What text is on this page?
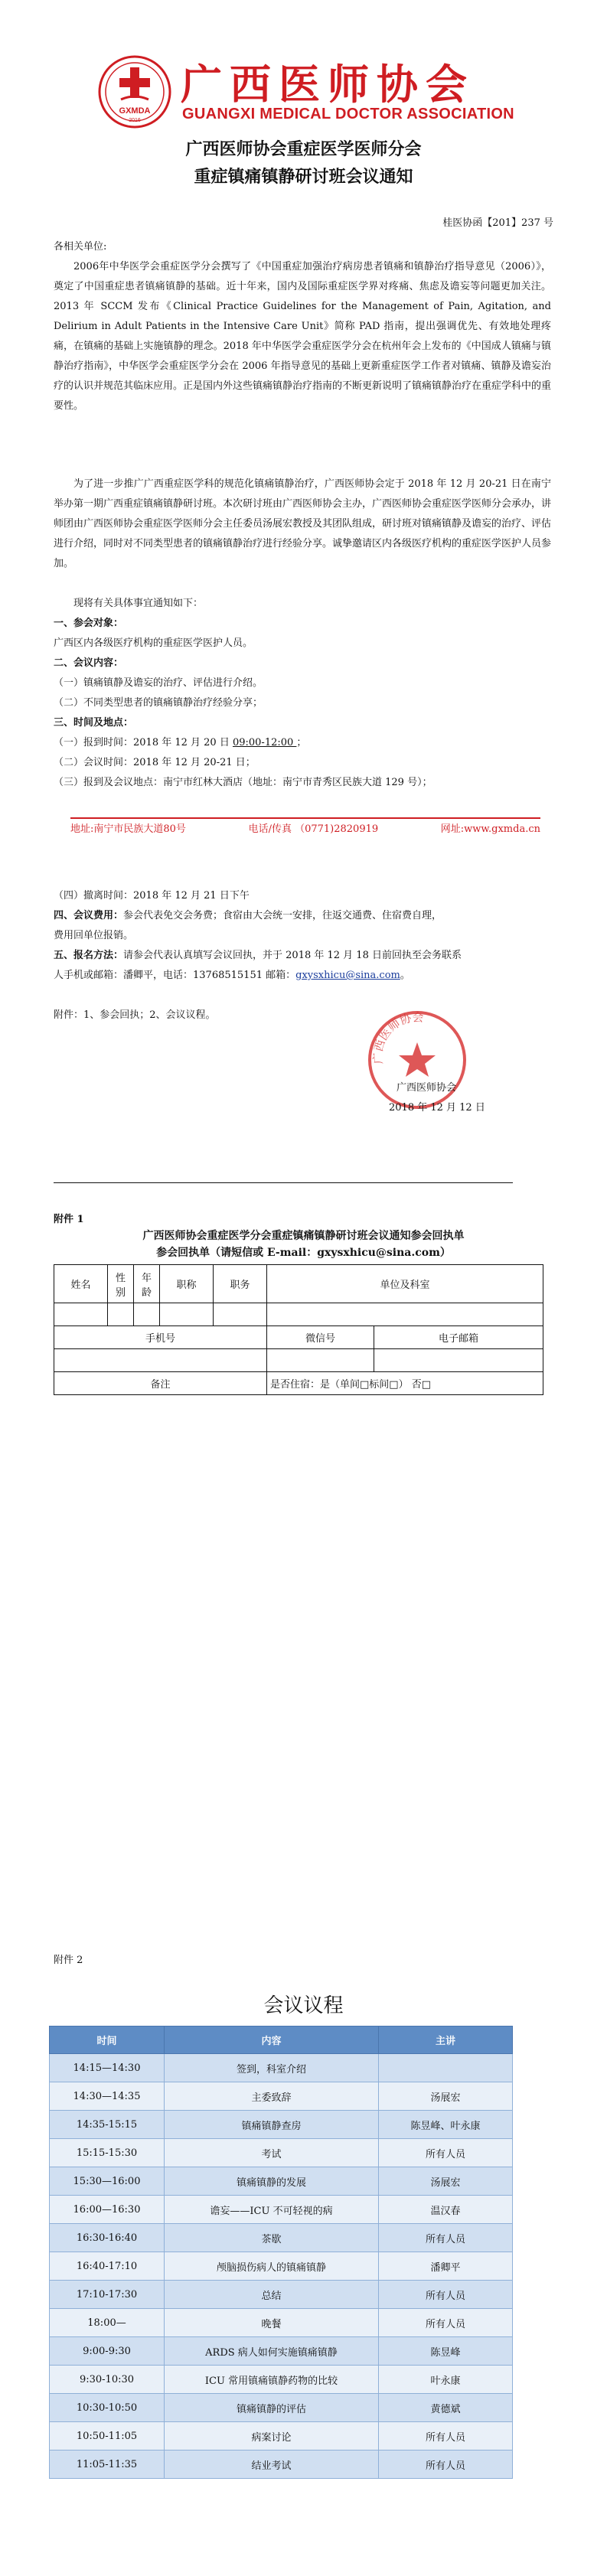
GXMDA
2016
广西医师协会
GUANGXI MEDICAL DOCTOR ASSOCIATION
广西医师协会重症医学医师分会
重症镇痛镇静研讨班会议通知
桂医协函【201】237 号
各相关单位:
2006年中华医学会重症医学分会撰写了《中国重症加强治疗病房患者镇痛和镇静治疗指导意见（2006）》，奠定了中国重症患者镇痛镇静的基础。近十年来，国内及国际重症医学界对疼痛、焦虑及谵妄等问题更加关注。2013 年 SCCM 发布《Clinical Practice Guidelines for the Management of Pain, Agitation, and Delirium in Adult Patients in the Intensive Care Unit》简称 PAD 指南，提出强调优先、有效地处理疼痛，在镇痛的基础上实施镇静的理念。2018 年中华医学会重症医学分会在杭州年会上发布的《中国成人镇痛与镇静治疗指南》，中华医学会重症医学分会在 2006 年指导意见的基础上更新重症医学工作者对镇痛、镇静及谵妄治疗的认识并规范其临床应用。正是国内外这些镇痛镇静治疗指南的不断更新说明了镇痛镇静治疗在重症学科中的重要性。
为了进一步推广广西重症医学科的规范化镇痛镇静治疗，广西医师协会定于 2018 年 12 月 20-21 日在南宁举办第一期广西重症镇痛镇静研讨班。本次研讨班由广西医师协会主办，广西医师协会重症医学医师分会承办，讲师团由广西医师协会重症医学医师分会主任委员汤展宏教授及其团队组成，研讨班对镇痛镇静及谵妄的治疗、评估进行介绍，同时对不同类型患者的镇痛镇静治疗进行经验分享。诚挚邀请区内各级医疗机构的重症医学医护人员参加。
现将有关具体事宜通知如下：
一、参会对象：
广西区内各级医疗机构的重症医学医护人员。
二、会议内容：
（一）镇痛镇静及谵妄的治疗、评估进行介绍。
（二）不同类型患者的镇痛镇静治疗经验分享；
三、时间及地点：
（一）报到时间：2018 年 12 月 20 日 09:00-12:00 ；
（二）会议时间：2018 年 12 月 20-21 日；
（三）报到及会议地点：南宁市红林大酒店（地址：南宁市青秀区民族大道 129 号）；
地址:南宁市民族大道80号	电话/传真 （0771)2820919	网址:www.gxmda.cn
（四）撤离时间：2018 年 12 月 21 日下午
四、会议费用：参会代表免交会务费；食宿由大会统一安排，往返交通费、住宿费自理，
费用回单位报销。
五、报名方法：请参会代表认真填写会议回执，并于 2018 年 12 月 18 日前回执至会务联系
人手机或邮箱：潘卿平，电话：13768515151 邮箱：gxysxhicu@sina.com。
附件：1、参会回执；2、会议议程。
广西医师协会
广西医师协会
2018 年 12 月 12 日
附件 1
广西医师协会重症医学分会重症镇痛镇静研讨班会议通知参会回执单
参会回执单（请短信或 E-mail：gxysxhicu@sina.com）
姓名	性别	年龄	职称	职务	单位及科室	

手机号					微信号	电子邮箱

备注					是否住宿：是（单间□标间□） 否□	
附件 2
会议议程
时间	内容	主讲
14:15—14:30	签到，科室介绍	
14:30—14:35	主委致辞	汤展宏
14:35-15:15	镇痛镇静查房	陈昱峰、叶永康
15:15-15:30	考试	所有人员
15:30—16:00	镇痛镇静的发展	汤展宏
16:00—16:30	谵妄——ICU 不可轻视的病	温汉春
16:30-16:40	茶歇	所有人员
16:40-17:10	颅脑损伤病人的镇痛镇静	潘卿平
17:10-17:30	总结	所有人员
18:00—	晚餐	所有人员
9:00-9:30	ARDS 病人如何实施镇痛镇静	陈昱峰
9:30-10:30	ICU 常用镇痛镇静药物的比较	叶永康
10:30-10:50	镇痛镇静的评估	黄德斌
10:50-11:05	病案讨论	所有人员
11:05-11:35	结业考试	所有人员
